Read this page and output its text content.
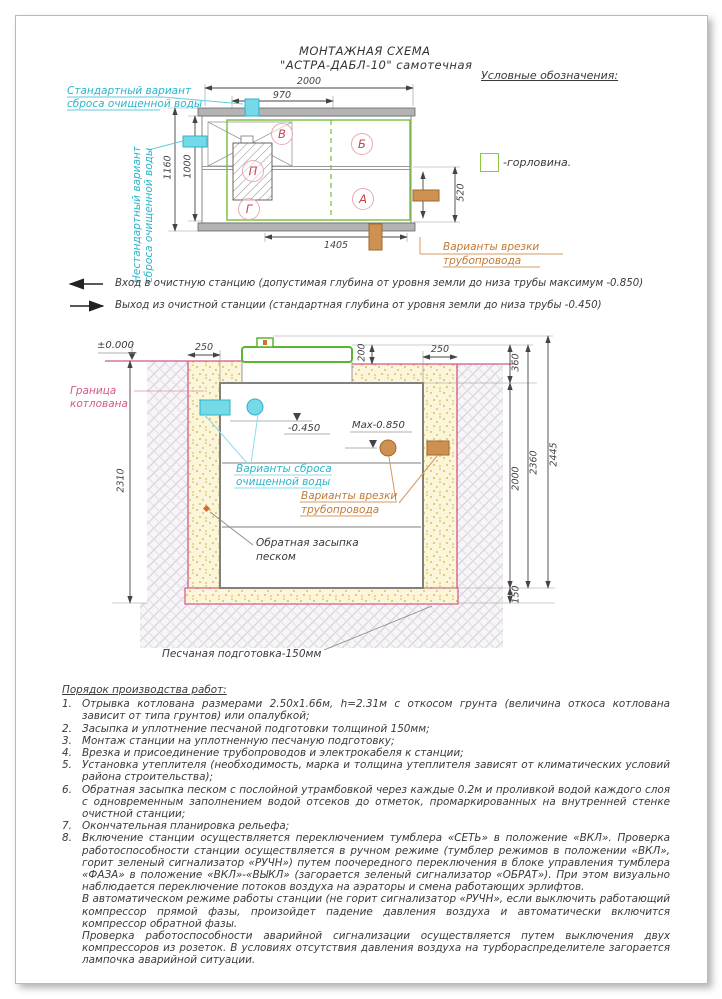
МОНТАЖНАЯ СХЕМА
"АСТРА-ДАБЛ-10" самотечная
Условные обозначения:
-горловина.
Стандартный вариант
сброса очищенной воды
Нестандартный вариант
сброса очищенной воды	Варианты врезки
трубопровода
В
Б
П
А
Г
2000
970
1160 1000
520
1405
Вход в очистную станцию (допустимая глубина от уровня земли до низа трубы максимум -0.850)
Выход из очистной станции (стандартная глубина от уровня земли до низа трубы -0.450)
±0.000
Граница
котлована
-0.450	Мах-0.850
Варианты сброса
очищенной воды
Варианты врезки
трубопровода
Обратная засыпка
песком
Песчаная подготовка-150мм
250	250
200
360
2000
2360 2445
150
2310
Порядок производства работ:
1. Отрывка котлована размерами 2.50х1.66м, h=2.31м с откосом грунта (величина откоса котлована зависит от типа грунтов) или опалубкой;
2. Засыпка и уплотнение песчаной подготовки толщиной 150мм;
3. Монтаж станции на уплотненную песчаную подготовку;
4. Врезка и присоединение трубопроводов и электрокабеля к станции;
5. Установка утеплителя (необходимость, марка и толщина утеплителя зависят от климатических условий района строительства);
6. Обратная засыпка песком с послойной утрамбовкой через каждые 0.2м и проливкой водой каждого слоя с одновременным заполнением водой отсеков до отметок, промаркированных на внутренней стенке очистной станции;
7. Окончательная планировка рельефа;
8. Включение станции осуществляется переключением тумблера «СЕТЬ» в положение «ВКЛ». Проверка работоспособности станции осуществляется в ручном режиме (тумблер режимов в положении «ВКЛ», горит зеленый сигнализатор «РУЧН») путем поочередного переключения в блоке управления тумблера «ФАЗА» в положение «ВКЛ»-«ВЫКЛ» (загорается зеленый сигнализатор «ОБРАТ»). При этом визуально наблюдается переключение потоков воздуха на аэраторы и смена работающих эрлифтов.
В автоматическом режиме работы станции (не горит сигнализатор «РУЧН», если выключить работающий компрессор прямой фазы, произойдет падение давления воздуха и автоматически включится компрессор обратной фазы.
Проверка работоспособности аварийной сигнализации осуществляется путем выключения двух компрессоров из розеток. В условиях отсутствия давления воздуха на турбораспределителе загорается лампочка аварийной ситуации.
